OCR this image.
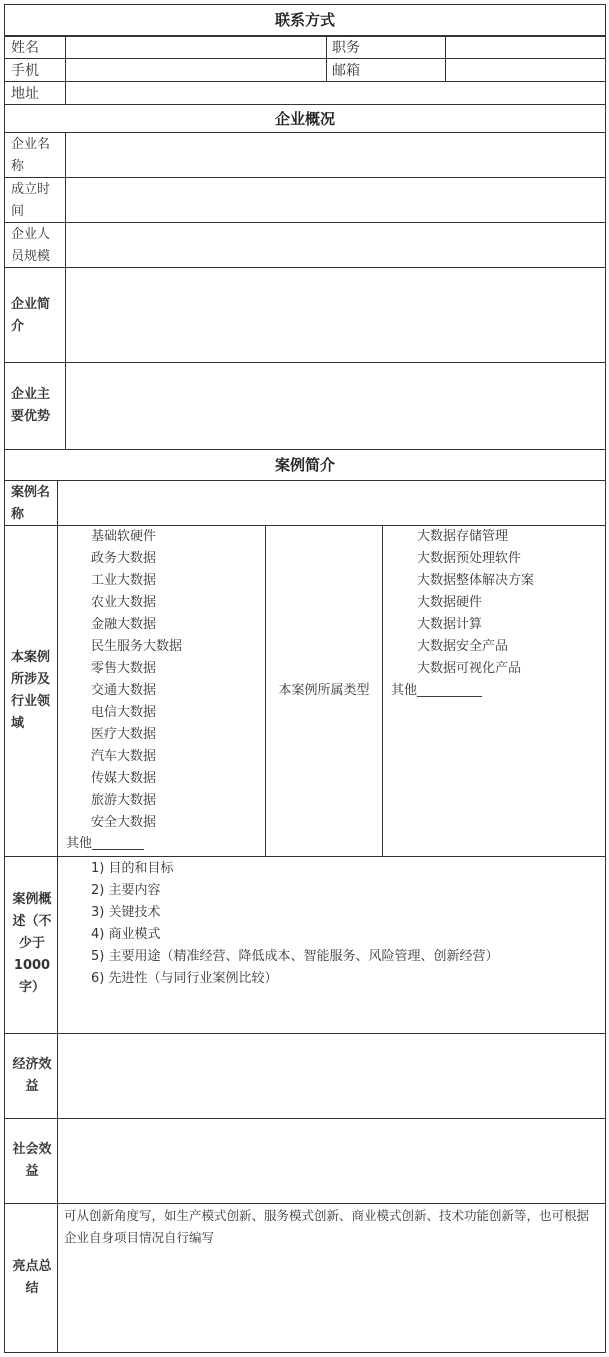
联系方式
姓名	职务
手机	邮箱
地址
企业概况
企业名称
成立时间
企业人员规模
企业简介
企业主要优势
案例简介
案例名称
本案例所涉及行业领域
基础软硬件
政务大数据
工业大数据
农业大数据
金融大数据
民生服务大数据
零售大数据
交通大数据
电信大数据
医疗大数据
汽车大数据
传媒大数据
旅游大数据
安全大数据
其他________
本案例所属类型
大数据存储管理
大数据预处理软件
大数据整体解决方案
大数据硬件
大数据计算
大数据安全产品
大数据可视化产品
其他__________
案例概述（不少于1000字）
1) 目的和目标
2) 主要内容
3) 关键技术
4) 商业模式
5) 主要用途（精准经营、降低成本、智能服务、风险管理、创新经营）
6) 先进性（与同行业案例比较）
经济效益
社会效益
亮点总结
可从创新角度写，如生产模式创新、服务模式创新、商业模式创新、技术功能创新等，也可根据
企业自身项目情况自行编写
